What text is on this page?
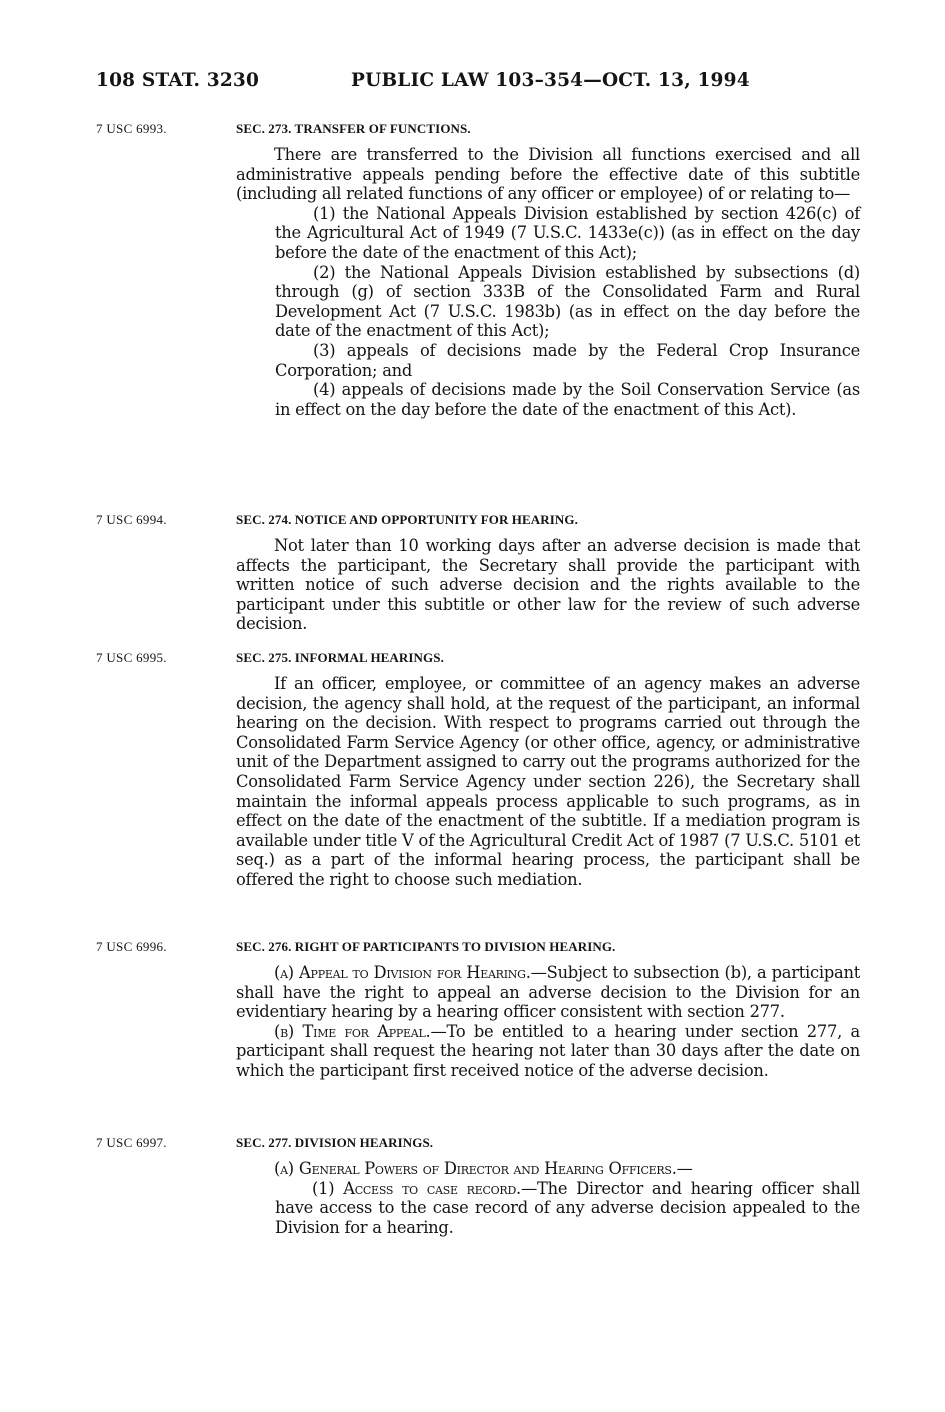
108 STAT. 3230	PUBLIC LAW 103–354—OCT. 13, 1994
7 USC 6993.	SEC. 273. TRANSFER OF FUNCTIONS.

There are transferred to the Division all functions exercised and all administrative appeals pending before the effective date of this subtitle (including all related functions of any officer or employee) of or relating to—

(1) the National Appeals Division established by section 426(c) of the Agricultural Act of 1949 (7 U.S.C. 1433e(c)) (as in effect on the day before the date of the enactment of this Act);

(2) the National Appeals Division established by subsections (d) through (g) of section 333B of the Consolidated Farm and Rural Development Act (7 U.S.C. 1983b) (as in effect on the day before the date of the enactment of this Act);

(3) appeals of decisions made by the Federal Crop Insurance Corporation; and

(4) appeals of decisions made by the Soil Conservation Service (as in effect on the day before the date of the enactment of this Act).

7 USC 6994.	SEC. 274. NOTICE AND OPPORTUNITY FOR HEARING.

Not later than 10 working days after an adverse decision is made that affects the participant, the Secretary shall provide the participant with written notice of such adverse decision and the rights available to the participant under this subtitle or other law for the review of such adverse decision.

7 USC 6995.	SEC. 275. INFORMAL HEARINGS.

If an officer, employee, or committee of an agency makes an adverse decision, the agency shall hold, at the request of the participant, an informal hearing on the decision. With respect to programs carried out through the Consolidated Farm Service Agency (or other office, agency, or administrative unit of the Department assigned to carry out the programs authorized for the Consolidated Farm Service Agency under section 226), the Secretary shall maintain the informal appeals process applicable to such programs, as in effect on the date of the enactment of the subtitle. If a mediation program is available under title V of the Agricultural Credit Act of 1987 (7 U.S.C. 5101 et seq.) as a part of the informal hearing process, the participant shall be offered the right to choose such mediation.

7 USC 6996.	SEC. 276. RIGHT OF PARTICIPANTS TO DIVISION HEARING.

(a) Appeal to Division for Hearing.—Subject to subsection (b), a participant shall have the right to appeal an adverse decision to the Division for an evidentiary hearing by a hearing officer consistent with section 277.

(b) Time for Appeal.—To be entitled to a hearing under section 277, a participant shall request the hearing not later than 30 days after the date on which the participant first received notice of the adverse decision.

7 USC 6997.	SEC. 277. DIVISION HEARINGS.

(a) General Powers of Director and Hearing Officers.—

(1) Access to case record.—The Director and hearing officer shall have access to the case record of any adverse decision appealed to the Division for a hearing.
